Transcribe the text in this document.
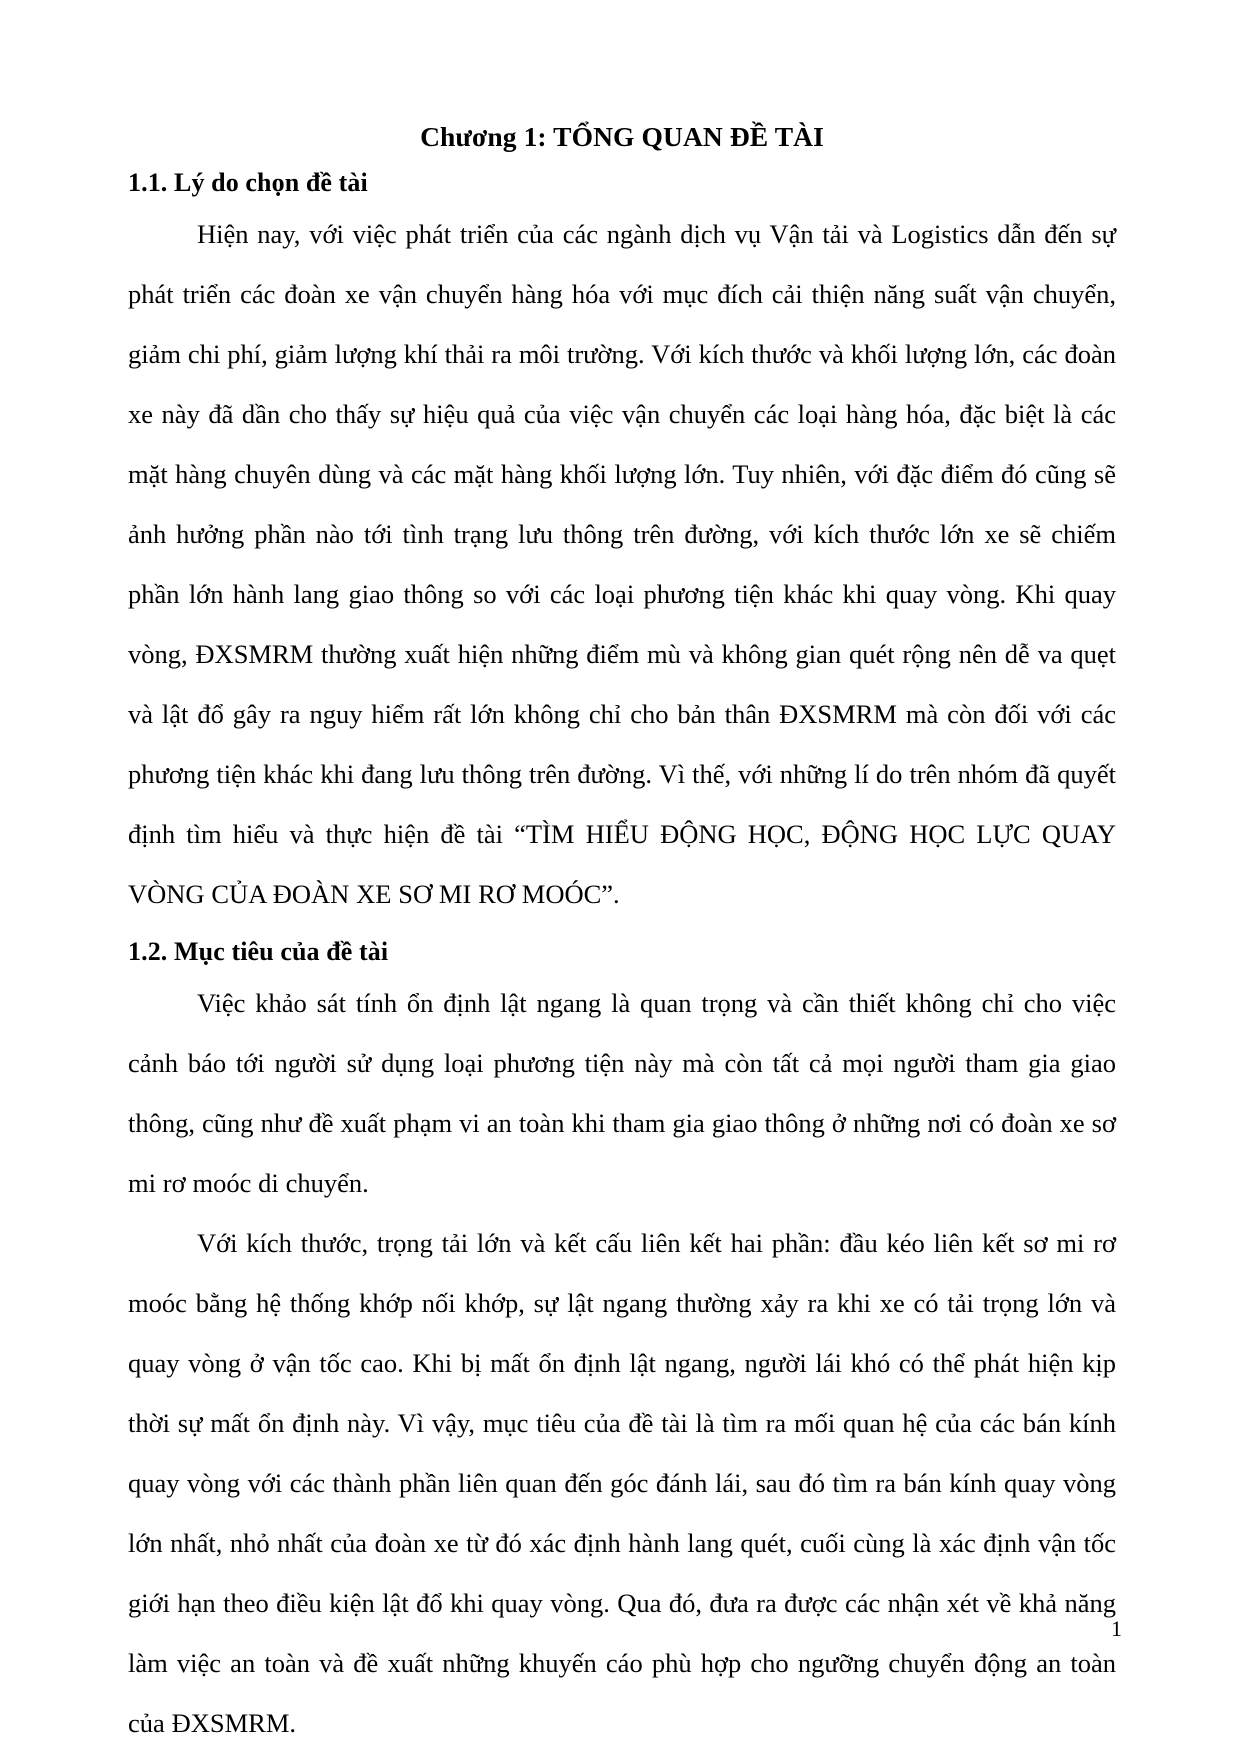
Chương 1: TỔNG QUAN ĐỀ TÀI
1.1. Lý do chọn đề tài

Hiện nay, với việc phát triển của các ngành dịch vụ Vận tải và Logistics dẫn đến sự phát triển các đoàn xe vận chuyển hàng hóa với mục đích cải thiện năng suất vận chuyển, giảm chi phí, giảm lượng khí thải ra môi trường. Với kích thước và khối lượng lớn, các đoàn xe này đã dần cho thấy sự hiệu quả của việc vận chuyển các loại hàng hóa, đặc biệt là các mặt hàng chuyên dùng và các mặt hàng khối lượng lớn. Tuy nhiên, với đặc điểm đó cũng sẽ ảnh hưởng phần nào tới tình trạng lưu thông trên đường, với kích thước lớn xe sẽ chiếm phần lớn hành lang giao thông so với các loại phương tiện khác khi quay vòng. Khi quay vòng, ĐXSMRM thường xuất hiện những điểm mù và không gian quét rộng nên dễ va quẹt và lật đổ gây ra nguy hiểm rất lớn không chỉ cho bản thân ĐXSMRM mà còn đối với các phương tiện khác khi đang lưu thông trên đường. Vì thế, với những lí do trên nhóm đã quyết định tìm hiểu và thực hiện đề tài “TÌM HIỂU ĐỘNG HỌC, ĐỘNG HỌC LỰC QUAY VÒNG CỦA ĐOÀN XE SƠ MI RƠ MOÓC”.

1.2. Mục tiêu của đề tài

Việc khảo sát tính ổn định lật ngang là quan trọng và cần thiết không chỉ cho việc cảnh báo tới người sử dụng loại phương tiện này mà còn tất cả mọi người tham gia giao thông, cũng như đề xuất phạm vi an toàn khi tham gia giao thông ở những nơi có đoàn xe sơ mi rơ moóc di chuyển.

Với kích thước, trọng tải lớn và kết cấu liên kết hai phần: đầu kéo liên kết sơ mi rơ moóc bằng hệ thống khớp nối khớp, sự lật ngang thường xảy ra khi xe có tải trọng lớn và quay vòng ở vận tốc cao. Khi bị mất ổn định lật ngang, người lái khó có thể phát hiện kịp thời sự mất ổn định này. Vì vậy, mục tiêu của đề tài là tìm ra mối quan hệ của các bán kính quay vòng với các thành phần liên quan đến góc đánh lái, sau đó tìm ra bán kính quay vòng lớn nhất, nhỏ nhất của đoàn xe từ đó xác định hành lang quét, cuối cùng là xác định vận tốc giới hạn theo điều kiện lật đổ khi quay vòng. Qua đó, đưa ra được các nhận xét về khả năng làm việc an toàn và đề xuất những khuyến cáo phù hợp cho ngưỡng chuyển động an toàn của ĐXSMRM.

1
